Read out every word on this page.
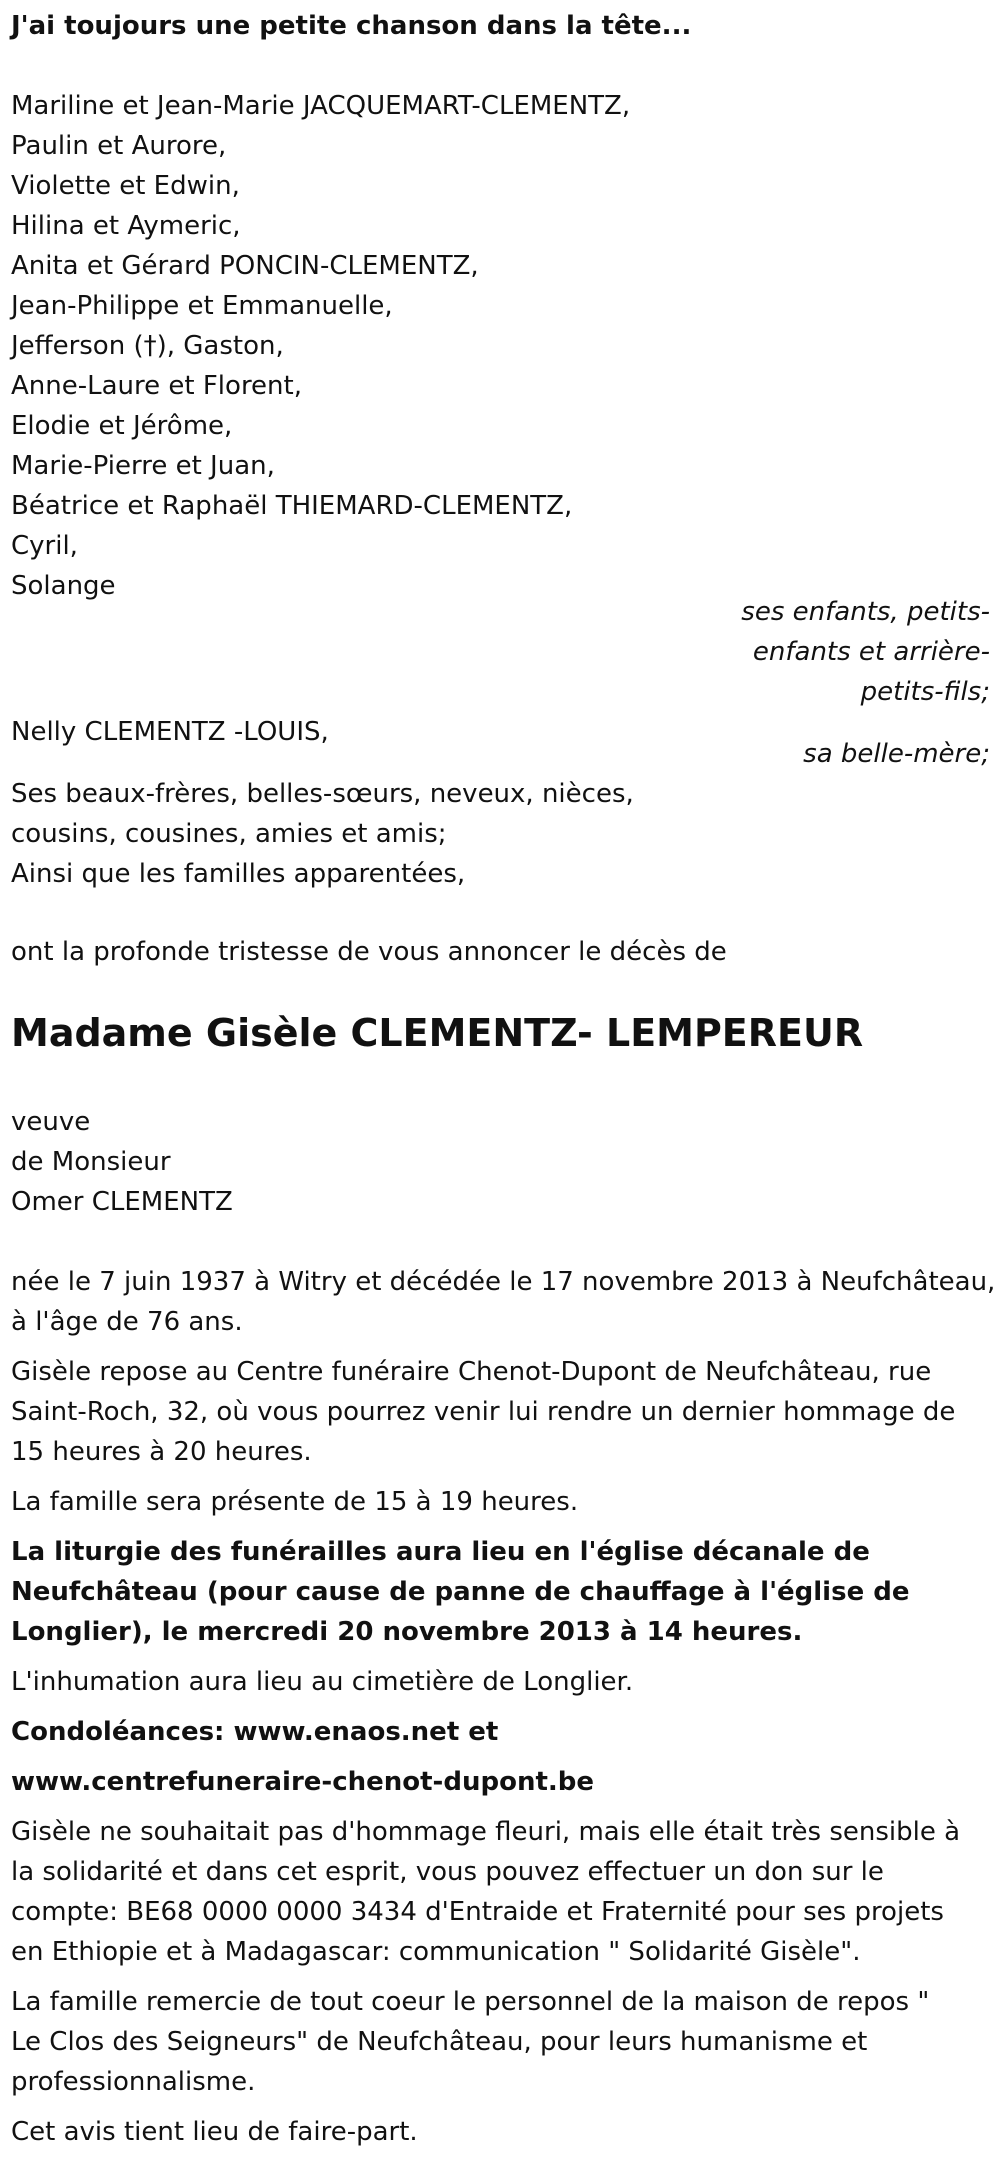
J'ai toujours une petite chanson dans la tête...
Mariline et Jean-Marie JACQUEMART-CLEMENTZ,
Paulin et Aurore,
Violette et Edwin,
Hilina et Aymeric,
Anita et Gérard PONCIN-CLEMENTZ,
Jean-Philippe et Emmanuelle,
Jefferson (†), Gaston,
Anne-Laure et Florent,
Elodie et Jérôme,
Marie-Pierre et Juan,
Béatrice et Raphaël THIEMARD-CLEMENTZ,
Cyril,
Solange
ses enfants, petits-
enfants et arrière-
petits-fils;
Nelly CLEMENTZ -LOUIS,
sa belle-mère;
Ses beaux-frères, belles-sœurs, neveux, nièces,
cousins, cousines, amies et amis;
Ainsi que les familles apparentées,
ont la profonde tristesse de vous annoncer le décès de
Madame Gisèle CLEMENTZ- LEMPEREUR
veuve
de Monsieur
Omer CLEMENTZ

née le 7 juin 1937 à Witry et décédée le 17 novembre 2013 à Neufchâteau,
à l'âge de 76 ans.

Gisèle repose au Centre funéraire Chenot-Dupont de Neufchâteau, rue
Saint-Roch, 32, où vous pourrez venir lui rendre un dernier hommage de
15 heures à 20 heures.

La famille sera présente de 15 à 19 heures.

La liturgie des funérailles aura lieu en l'église décanale de
Neufchâteau (pour cause de panne de chauffage à l'église de
Longlier), le mercredi 20 novembre 2013 à 14 heures.

L'inhumation aura lieu au cimetière de Longlier.

Condoléances: www.enaos.net et

www.centrefuneraire-chenot-dupont.be

Gisèle ne souhaitait pas d'hommage fleuri, mais elle était très sensible à
la solidarité et dans cet esprit, vous pouvez effectuer un don sur le
compte: BE68 0000 0000 3434 d'Entraide et Fraternité pour ses projets
en Ethiopie et à Madagascar: communication " Solidarité Gisèle".

La famille remercie de tout coeur le personnel de la maison de repos "
Le Clos des Seigneurs" de Neufchâteau, pour leurs humanisme et
professionnalisme.

Cet avis tient lieu de faire-part.
